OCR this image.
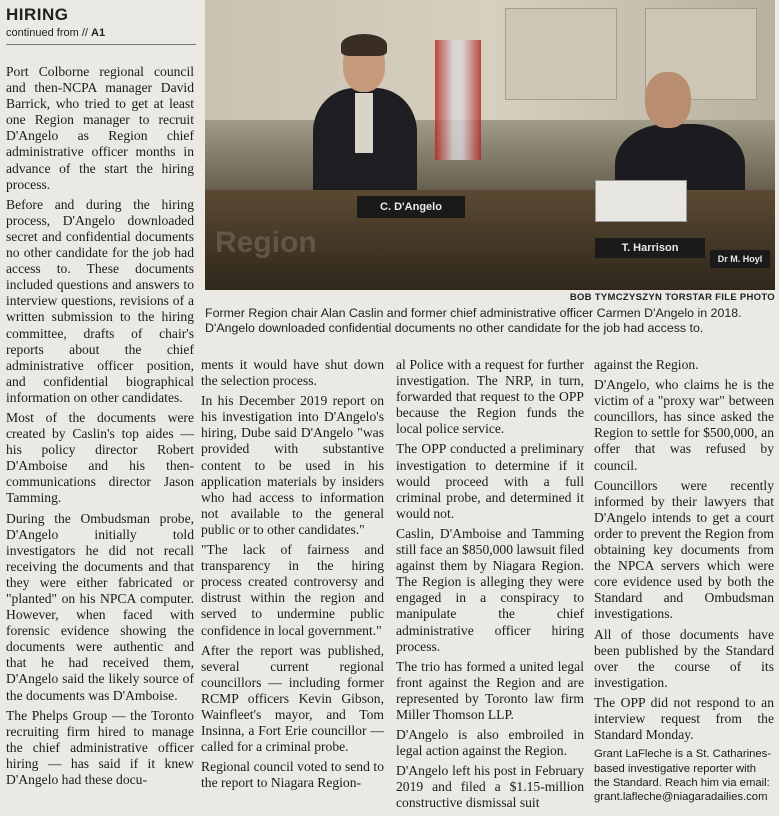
HIRING
continued from // A1
Region
C. D'Angelo
T. Harrison
Dr M. Hoyl
BOB TYMCZYSZYN TORSTAR FILE PHOTO
Former Region chair Alan Caslin and former chief administrative officer Carmen D'Angelo in 2018. D'Angelo downloaded confidential documents no other candidate for the job had access to.

Port Colborne regional council and then-NCPA manager David Barrick, who tried to get at least one Region manager to recruit D'Angelo as Region chief administrative officer months in advance of the start the hiring process.

Before and during the hiring process, D'Angelo downloaded secret and confidential documents no other candidate for the job had access to. These documents included questions and answers to interview questions, revisions of a written submission to the hiring committee, drafts of chair's reports about the chief administrative officer position, and confidential biographical information on other candidates.

Most of the documents were created by Caslin's top aides — his policy director Robert D'Amboise and his then-communications director Jason Tamming.

During the Ombudsman probe, D'Angelo initially told investigators he did not recall receiving the documents and that they were either fabricated or "planted" on his NPCA computer. However, when faced with forensic evidence showing the documents were authentic and that he had received them, D'Angelo said the likely source of the documents was D'Amboise.

The Phelps Group — the Toronto recruiting firm hired to manage the chief administrative officer hiring — has said if it knew D'Angelo had these docu-

ments it would have shut down the selection process.

In his December 2019 report on his investigation into D'Angelo's hiring, Dube said D'Angelo "was provided with substantive content to be used in his application materials by insiders who had access to information not available to the general public or to other candidates."

"The lack of fairness and transparency in the hiring process created controversy and distrust within the region and served to undermine public confidence in local government."

After the report was published, several current regional councillors — including former RCMP officers Kevin Gibson, Wainfleet's mayor, and Tom Insinna, a Fort Erie councillor — called for a criminal probe.

Regional council voted to send to the report to Niagara Region-

al Police with a request for further investigation. The NRP, in turn, forwarded that request to the OPP because the Region funds the local police service.

The OPP conducted a preliminary investigation to determine if it would proceed with a full criminal probe, and determined it would not.

Caslin, D'Amboise and Tamming still face an $850,000 lawsuit filed against them by Niagara Region. The Region is alleging they were engaged in a conspiracy to manipulate the chief administrative officer hiring process.

The trio has formed a united legal front against the Region and are represented by Toronto law firm Miller Thomson LLP.

D'Angelo is also embroiled in legal action against the Region.

D'Angelo left his post in February 2019 and filed a $1.15-million constructive dismissal suit

against the Region.

D'Angelo, who claims he is the victim of a "proxy war" between councillors, has since asked the Region to settle for $500,000, an offer that was refused by council.

Councillors were recently informed by their lawyers that D'Angelo intends to get a court order to prevent the Region from obtaining key documents from the NPCA servers which were core evidence used by both the Standard and Ombudsman investigations.

All of those documents have been published by the Standard over the course of its investigation.

The OPP did not respond to an interview request from the Standard Monday.

Grant LaFleche is a St. Catharines-based investigative reporter with the Standard. Reach him via email: grant.lafleche@niagaradailies.com
